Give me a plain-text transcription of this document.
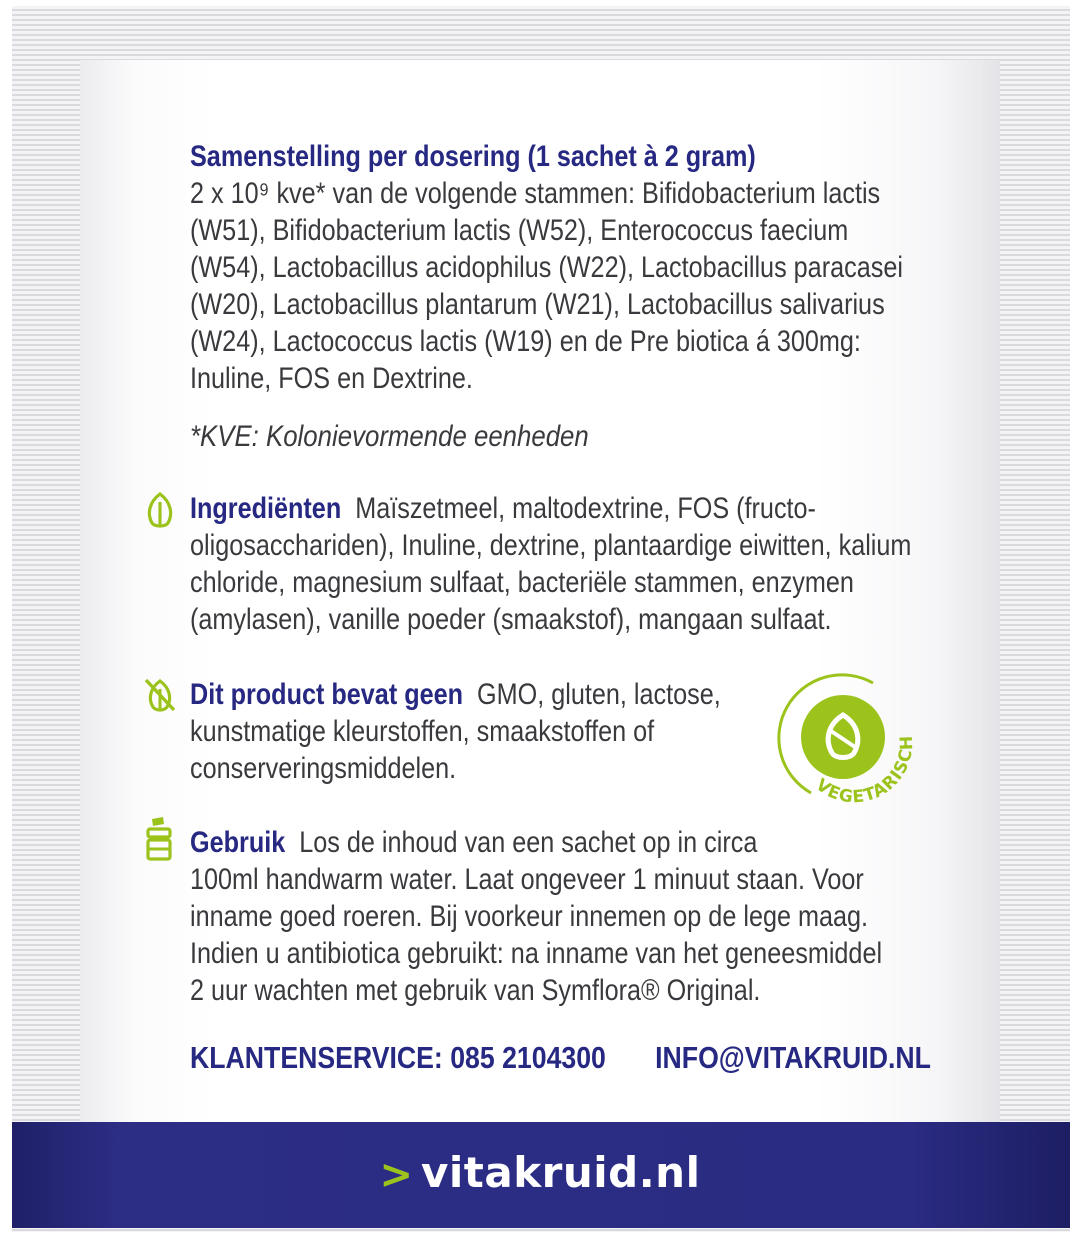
Samenstelling per dosering (1 sachet à 2 gram)
2 x 10⁹ kve* van de volgende stammen: Bifidobacterium lactis
(W51), Bifidobacterium lactis (W52), Enterococcus faecium
(W54), Lactobacillus acidophilus (W22), Lactobacillus paracasei
(W20), Lactobacillus plantarum (W21), Lactobacillus salivarius
(W24), Lactococcus lactis (W19) en de Pre biotica á 300mg:
Inuline, FOS en Dextrine.
*KVE: Kolonievormende eenheden
Ingrediënten Maïszetmeel, maltodextrine, FOS (fructo-
oligosacchariden), Inuline, dextrine, plantaardige eiwitten, kalium
chloride, magnesium sulfaat, bacteriële stammen, enzymen
(amylasen), vanille poeder (smaakstof), mangaan sulfaat.
Dit product bevat geen GMO, gluten, lactose,
kunstmatige kleurstoffen, smaakstoffen of
conserveringsmiddelen.
VEGETARISCH
Gebruik Los de inhoud van een sachet op in circa
100ml handwarm water. Laat ongeveer 1 minuut staan. Voor
inname goed roeren. Bij voorkeur innemen op de lege maag.
Indien u antibiotica gebruikt: na inname van het geneesmiddel
2 uur wachten met gebruik van Symflora® Original.
KLANTENSERVICE: 085 2104300 INFO@VITAKRUID.NL
> vitakruid.nl
